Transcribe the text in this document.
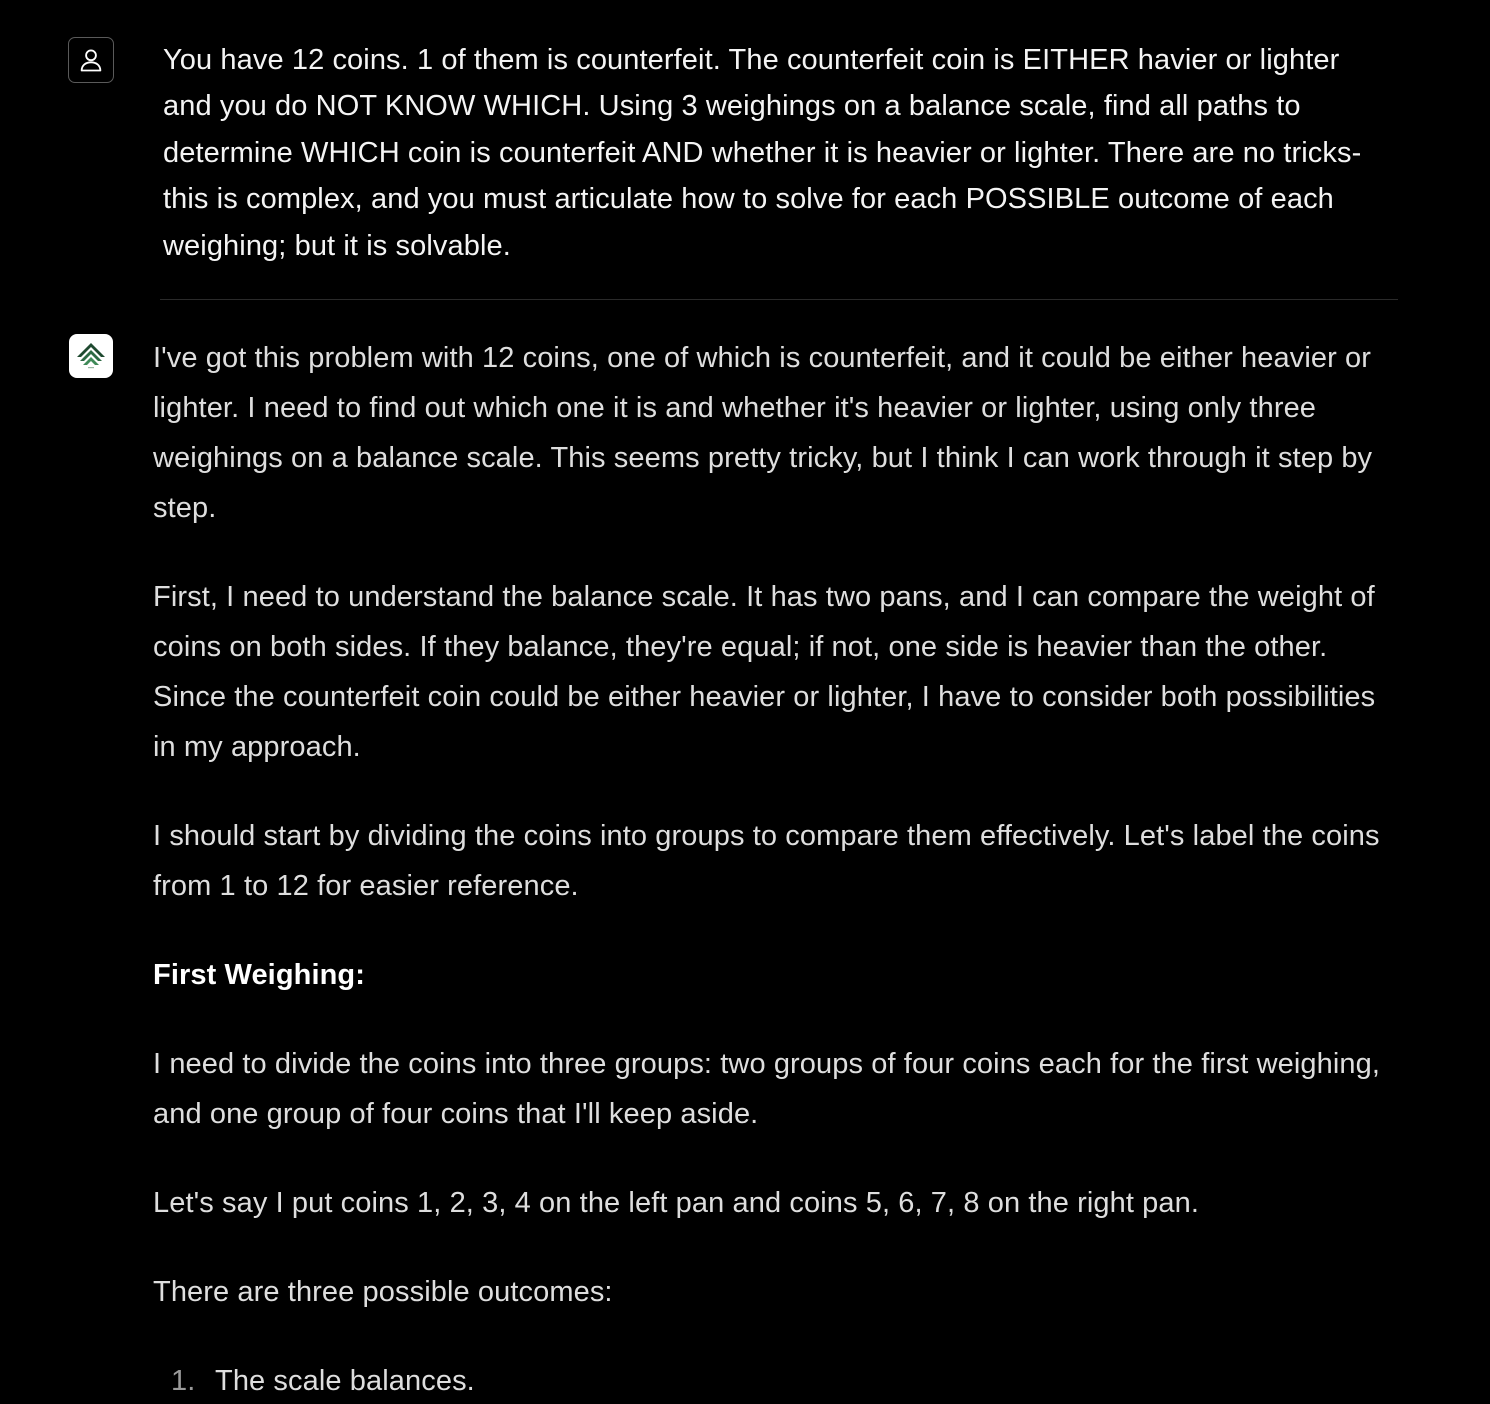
You have 12 coins. 1 of them is counterfeit. The counterfeit coin is EITHER havier or lighter and you do NOT KNOW WHICH. Using 3 weighings on a balance scale, find all paths to determine WHICH coin is counterfeit AND whether it is heavier or lighter. There are no tricks- this is complex, and you must articulate how to solve for each POSSIBLE outcome of each weighing; but it is solvable.

I've got this problem with 12 coins, one of which is counterfeit, and it could be either heavier or lighter. I need to find out which one it is and whether it's heavier or lighter, using only three weighings on a balance scale. This seems pretty tricky, but I think I can work through it step by step.

First, I need to understand the balance scale. It has two pans, and I can compare the weight of coins on both sides. If they balance, they're equal; if not, one side is heavier than the other. Since the counterfeit coin could be either heavier or lighter, I have to consider both possibilities in my approach.

I should start by dividing the coins into groups to compare them effectively. Let's label the coins from 1 to 12 for easier reference.

First Weighing:

I need to divide the coins into three groups: two groups of four coins each for the first weighing, and one group of four coins that I'll keep aside.

Let's say I put coins 1, 2, 3, 4 on the left pan and coins 5, 6, 7, 8 on the right pan.

There are three possible outcomes:

1. The scale balances.
